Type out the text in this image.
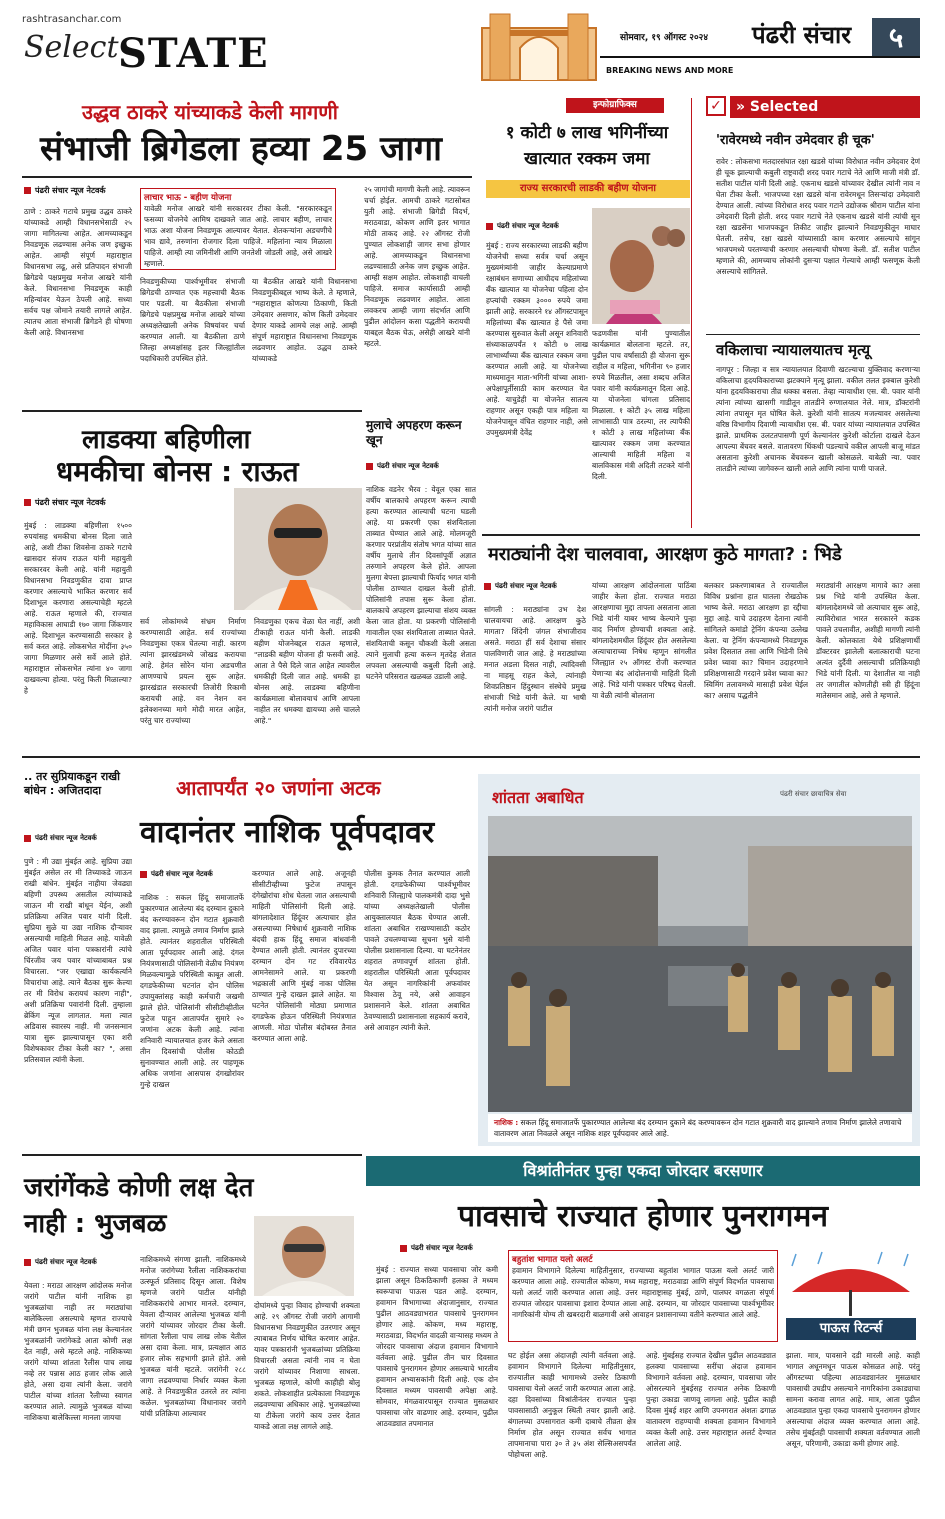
rashtrasanchar.com
Select STATE	सोमवार, १९ ऑगस्ट २०२४ पंढरी संचार	५
BREAKING NEWS AND MORE
उद्धव ठाकरे यांच्याकडे केली मागणी
संभाजी ब्रिगेडला हव्या 25 जागा
पंढरी संचार न्यूज नेटवर्क
ठाणे : ठाकरे गटाचे प्रमुख उद्धव ठाकरे यांच्याकडे आम्ही विधानसभेसाठी २५ जागा मागितल्या आहेत. आमच्याकडून निवडणूक लढण्यास अनेक जण इच्छुक आहेत. आम्ही संपूर्ण महाराष्ट्रात विधानसभा लढू, असे प्रतिपादन संभाजी ब्रिगेडचे पक्षप्रमुख मनोज आखरे यांनी केले. विधानसभा निवडणूक काही महिन्यांवर येऊन ठेपली आहे. सध्या सर्वच पक्ष जोमाने तयारी लागले आहेत. त्यातच आता संभाजी ब्रिगेडने ही घोषणा केली आहे. विधानसभा
लाचार भाऊ - बहीण योजना
यावेळी मनोज आखरे यांनी सरकारवर टीका केली. "सरकारकडून फसव्या योजनेचे आमिष दाखवले जात आहे. लाचार बहीण, लाचार भाऊ अशा योजना निवडणूक आल्यावर येतात. शेतकऱ्यांना अडचणीचे भाव द्यावे, तरुणांना रोजगार दिला पाहिजे. महिलांना न्याय मिळाला पाहिजे. आम्ही त्या जमिनीशी आणि जनतेशी जोडली आहे, असे आखरे म्हणाले.
निवडणुकीच्या पार्श्वभूमीवर संभाजी ब्रिगेडची ठाण्यात एक महत्त्वाची बैठक पार पडली. या बैठकीला संभाजी ब्रिगेडचे पक्षप्रमुख मनोज आखरे यांच्या अध्यक्षतेखाली अनेक विषयांवर चर्चा करण्यात आली. या बैठकीला ठाणे जिल्हा अध्यक्षांसह इतर जिल्ह्यांतील पदाधिकारी उपस्थित होते.
या बैठकीत आखरे यांनी विधानसभा निवडणुकीबद्दल भाष्य केले. ते म्हणाले, "महाराष्ट्रात कोणत्या ठिकाणी, किती उमेदवार असणार, कोण किती उमेदवार देणार याकडे आमचे लक्ष आहे. आम्ही संपूर्ण महाराष्ट्रात विधानसभा निवडणूक लढवणार आहोत. उद्धव ठाकरे यांच्याकडे
२५ जागांची मागणी केली आहे. त्यावरून चर्चा होईल. आमची ठाकरे गटासोबत युती आहे. संभाजी ब्रिगेडी विदर्भ, मराठवाडा, कोकण आणि इतर भागात मोठी ताकद आहे. २२ ऑगस्ट रोजी पुण्यात लोकशाही जागर सभा होणार आहे. आमच्याकडून विधानसभा लढण्यासाठी अनेक जण इच्छुक आहेत. आम्ही सक्षम आहोत. लोकशाही वाचली पाहिजे. समाज कार्यासाठी आम्ही निवडणूक लढवणार आहोत. आता लवकरच आम्ही जागा संदर्भात आणि पुढील आंदोलन कसा पद्धतीने करायची याबद्दल बैठक घेऊ, असेही आखरे यांनी म्हटले.
लाडक्या बहिणीला
धमकीचा बोनस : राऊत
पंढरी संचार न्यूज नेटवर्क
मुंबई : लाडक्या बहिणीला १५०० रुपयांसह धमकीचा बोनस दिला जाते आहे, अशी टीका शिवसेना ठाकरे गटाचे खासदार संजय राऊत यांनी महायुती सरकारवर केली आहे. यांनी महायुती विधानसभा निवडणुकीत दावा प्राप्त करणार असल्याचे भाकित करणार सर्वं दिशाभूल करणारा असल्याचेही म्हटले आहे. राऊत म्हणाले की, राज्यात महाविकास आघाडी १७० जागा जिंकणार आहे. दिशाभूल करण्यासाठी सरकार हे सर्व करत आहे. लोकसभेत मोदींना ३५० जागा मिळणार असे सर्वे आले होते. महाराष्ट्रात लोकसभेत त्यांना ४० जागा दाखवल्या होत्या. परंतु किती मिळाल्या? हे
सर्व लोकांमध्ये संभ्रम निर्माण करण्यासाठी आहेत. सर्व राज्यांच्या निवडणुका एकत्र घेतल्या नाही. कारण त्यांना झारखंडमध्ये जोखड करायचा आहे. हेमंत सोरेन यांना अडचणीत आणण्याचे प्रयत्न सुरू आहेत. झारखंडात सरकारची तिजोरी रिकामी करायची आहे. वन नेशन वन इलेक्शनच्या मागे मोदी मारत आहेत, परंतु चार राज्यांच्या
निवडणुका एकच वेळा घेत नाहीं, अशी टीकाही राऊत यांनी केली. लाडकी बहीण योजनेबद्दल राऊत म्हणाले, "लाडकी बहीण योजना ही फसवी आहे. आता ते पैसे दिले जात आहेत त्यावरील धमकीही दिली जात आहे. धमकी हा बोनस आहे. लाडक्या बहिणीना कार्यक्रमाला बोलावयाचं आणि आपला नाहीत तर धमक्या द्यायच्या असे चालले आहे."
मुलाचे अपहरण करून खून
पंढरी संचार न्यूज नेटवर्क
नाशिक वडनेर भैरव : येवूल एका सात वर्षीय बालकाचे अपहरण करून त्याची हत्या करण्यात आल्याची घटना घडली आहे. या प्रकरणी एका संशयिताला ताब्यात घेण्यात आले आहे. मोलमजूरी करणार परप्रांतीय संतोष भगत यांच्या सात वर्षीय मुलाचे तीन दिवसांपूर्वी अज्ञात तरुणाने अपहरण केले होते. आपला मुलगा बेपत्ता झाल्याची फिर्याद भगत यांनी पोलीस ठाण्यात दाखल केली होती. पोलिसांनी तपास सुरू केला होता. बालकाचे अपहरण झाल्याचा संशय व्यक्त केला जात होता. या प्रकरणी पोलिसांनी गावातील एका संशयिताला ताब्यात घेतले. संशयिताची कसून चौकशी केली असता त्याने मुलाची हत्या करून मृतदेह शेतात लपवला असल्याची कबुली दिली आहे. घटनेने परिसरात खळबळ उडाली आहे.
इन्फोग्राफिक्स
१ कोटी ७ लाख भगिनींच्या
खात्यात रक्कम जमा
राज्य सरकारची लाडकी बहीण योजना
पंढरी संचार न्यूज नेटवर्क
मुंबई : राज्य सरकारच्या लाडकी बहीण योजनेची सध्या सर्वत्र चर्चा असून मुख्यमंत्र्यांनी जाहीर केल्याप्रमाणे रक्षाबंधन सणाच्या आधीदच महिलांच्या बँक खात्यात या योजनेचा पहिला दोन हप्त्यांची रक्कम ३००० रुपये जमा झाली आहे. सरकारने १४ ऑगस्टपासून महिलांच्या बँक खात्यात हे पैसे जमा करण्यास सुरुवात केली असून शनिवारी संध्याकाळपर्यंत १ कोटी ७ लाख लाभार्थ्यांच्या बँक खात्यात रक्कम जमा करण्यात आली आहे. या योजनेच्या माध्यमातून माता-भगिनी यांच्या आशा-अपेक्षापूर्तीसाठी काम करण्यात येत आहे. याचुडेही या योजनेत सातत्य राहणार असून एकही पात्र महिला या योजनेपासून वंचित राहणार नाही, असे उपमुख्यमंत्री देवेंद्र
फडणवीस यांनी पुण्यातील कार्यक्रमात बोलताना म्हटले. तर, पुढील पाच वर्षांसाठी ही योजना सुरू राहील व महिला, भगिनीना ९० हजार रुपये मिळतील, असा शब्दच अजित पवार यांनी कार्यक्रमातून दिला आहे. या योजनेला चांगला प्रतिसाद मिळाला. १ कोटी ३५ लाख महिला लाभासाठी पात्र ठरल्या, तर त्यापैकी १ कोटी ३ लाख महिलांच्या बँक खात्यावर रक्कम जमा करण्यात आल्याची माहिती महिला व बालविकास मंत्री अदिती तटकरे यांनी दिली.
✓	» Selected
'रावेरमध्ये नवीन उमेदवार ही चूक'
रावेर : लोकसभा मतदारसंघात रक्षा खडसे यांच्या विरोधात नवीन उमेदवार देणं ही चूक झाल्याची कबुली राष्ट्रवादी शरद पवार गटाचे नेते आणि माजी मंत्री डॉ. सतीश पाटील यांनी दिली आहे. एकनाथ खडसे यांच्यावर देखील त्यांनी नाव न घेता टीका केली. भाजपच्या रक्षा खडसे यांना रावेरमधून तिसऱ्यांदा उमेदवारी देण्यात आली. त्यांच्या विरोधात शरद पवार गटाने उद्योजक श्रीराम पाटील यांना उमेदवारी दिली होती. शरद पवार गटाचे नेते एकनाथ खडसे यांनी त्यांची सून रक्षा खडसेंना भाजपकडून तिकीट जाहीर झाल्याने निवडणुकीतून माघार घेतली. तसेच, रक्षा खडसे यांच्यासाठी काम करणार असल्याचे सांगून भाजपमध्ये परतण्याची करणार असल्याची घोषणा केली. डॉ. सतीश पाटील म्हणाले की, आमच्याच लोकांनी दुसऱ्या पक्षात गेल्याचे आम्ही फसणूक केली असल्याचे सांगितले.
वकिलाचा न्यायालयातच मृत्यू
नागपूर : जिल्हा व सत्र न्यायालयात दिवाणी खटल्याचा युक्तिवाद करणाऱ्या वकिलाचा हृदयविकाराच्या झटक्याने मृत्यू झाला. वकील तलत इक्बाल कुरेशी यांना हृदयविकाराचा तीव्र धक्का बसला. तेव्हा न्यायाधीश एस. बी. पवार यांनी त्यांना त्यांच्या खासगी गाडीतून तातडीने रुग्णालयात नेले. मात्र, डॉक्टरांनी त्यांना तपासून मृत घोषित केले. कुरेशी यांनी सातत्य मजल्यावर असलेल्या वरिष्ठ विभागीय दिवाणी न्यायाधीश एस. बी. पवार यांच्या न्यायालयात उपस्थित झाले. प्राथमिक उलटतपासणी पूर्ण केल्यानंतर कुरेशी कोर्टाला दाखले देऊन आपल्या बेंचवर बसले. वातावरण थिंकथी पडल्याचे वकील आपली बाजू मांडत असताना कुरेशी अचानक बेंचवरून खाली कोसळले. याबेळी न्या. पवार तातडीने त्यांच्या जागेवरून खाली आले आणि त्यांना पाणी पाजले.
मराठ्यांनी देश चालवावा, आरक्षण कुठे मागता? : भिडे
पंढरी संचार न्यूज नेटवर्क
सांगली : मराठ्यांना उभ देश चालवायचा आहे. आरक्षण कुठे मागता? शिंदेनी जंगल संभाजीराव असते. मराठा हीं सर्व देशाचा संसार पालविणारी जात आहे. हे मराठ्यांच्या मनात अडला दिसत नाही, त्यांदिवसी ना माहसू राहत केले, त्यांनाही शिवप्रतिष्ठान हिंदुस्थान संस्थेचे प्रमुख संभाजी भिडे यांनी केले. या भाषी त्यांनी मनोज जरांगे पाटील
यांच्या आरक्षण आंदोलनाला पाठिंबा जाहीर केला होता. राज्यात मराठा आरक्षणाचा मुद्दा तापला असताना आता भिडे यांनी याबर भाष्य केल्याने पुन्हा वाद निर्माण होण्याची शक्यता आहे. बांगलादेशमधील हिंदूंवर होत असलेल्या अत्याचाराच्या निषेध म्हणून सांगलीत जिल्ह्यात २५ ऑगस्ट रोजी करण्यात येणाऱ्या बंद आंदोलनाची माहिती दिली आहे. भिडे यांनी पत्रकार परिषद घेतली. या वेळी त्यांनी बोलताना
बलकार प्रकरणाबाबत ते राज्यातील विविध प्रश्नांना हात घातला रोखठोक भाष्य केले. मराठा आरक्षण हा रद्दीचा मुद्दा आहे. याचे उदाहरण देताना त्यांनी सांगितले कमांडो ट्रेनिंग कंपन्या उत्लेख केला. या ट्रेनिंग कंपन्यामध्ये निवडणूक प्रवेश दिसतात तसा आणि भिडेनी तिथे प्रवेश घ्यावा का? चिमान उदाहरणाने प्रशिक्षणासाठी गरदाने प्रवेश घ्यावा का? स्विमिंग तलावमध्ये मासाही प्रवेश घेईल का? असाच पद्धतीने
मराठ्यांनी आरक्षण मागावे का? असा प्रश्न भिडे यांनी उपस्थित केला. बांगलादेशमध्ये जो अत्याचार सुरू आहे, त्याविरोधात भारत सरकारने कडक पावले उचलावीत, अशीही मागणी त्यांनी केली. कोलकाता येथे प्रशिक्षणार्थी डॉक्टरवर झालेली बलात्काराची घटना अत्यंत दुर्दैवी असल्याची प्रतिक्रियाही भिडे यांनी दिली. या देशातील या नाही तर जगातील कोणतीही स्त्री ही हिंदूंना मातेसमान आहे, असे ते म्हणाले.
.. तर सुप्रियाकडून राखी बांधेन : अजितदादा
पंढरी संचार न्यूज नेटवर्क
पुणे : मी उद्या मुंबईत आहे. सुप्रिया उद्या मुंबईत असेल तर मी तिच्याकडे जाऊन राखी बांधेन. मुंबईत नाहीया जेवढ्या बहिणी उपस्थ्य असतील त्यांच्याकडे जाऊन मी राखी बांधून येईन, अशी प्रतिक्रिया अजित पवार यांनी दिली. सुप्रिया सुळे या उद्या नाशिक दौऱ्यावर असल्याची माहिती मिळत आहे. यावेळी अजित पवार यांना पत्रकारांनी त्यांचे चिंरजीव जय पवार यांच्याबाबत प्रश्न विचारला. "जर एखाद्या कार्यकर्त्याने विचारांचा आहे. त्याने बैठका सुरू केल्या तर मी विरोध करायचं कारण नाही", अशी प्रतिक्रिया पवारांनी दिली. तुम्हाला ब्रेकिंग न्यूज लागतात. मला त्यात अडिवास स्वारस्य नाही. मी जनसन्मान यात्रा सुरू झाल्यापासून एका शरी विशेषकावर टीका केली का? ", असा प्रतिसवाल त्यांनी केला.
आतापर्यंत २० जणांना अटक
वादानंतर नाशिक पूर्वपदावर
पंढरी संचार न्यूज नेटवर्क
नाशिक : सकल हिंदू समाजातर्फे पुकारण्यात आलेल्या बंद दरम्यान दुकाने बंद करण्यावरून दोन गटात शुक्रवारी वाद झाला. त्यामुळे तणाव निर्माण झाले होते. त्यानंतर शहरातील परिस्थिती आता पूर्वपदावर आली आहे. दंगल नियंत्रणासाठी पोलिसांनी वेळीच नियंत्रण मिळवल्यामुळे परिस्थिती काबूत आली. दगडफेकीच्या घटनांत दोन पोलिस उपायुक्तांसह काही कर्मचारी जखमी झाले होते. पोलिसांनी सीसीटीव्हीतील फुटेज पाहून आतापर्यंत सुमारे २० जणांना अटक केली आहे. त्यांना शनिवारी न्यायालयात हजर केले असता तीन दिवसांची पोलीस कोठडी सुनावण्यात आली आहे. तर पाहणूक अधिक जणांना आसपास दंगखोरांवर गुन्हे दाखल
करण्यात आले आहे. अजूनही सीसीटीव्हीच्या फुटेज तपासून दंगेखोरांचा शोध घेतला जात असल्याची माहिती पोलिसांनी दिली आहे. बांगलादेशात हिंदूंवर अत्याचार होत असल्याच्या निषेधार्थ शुक्रवारी नाशिक बंदची हाक हिंदू समाज बांधवांनी देण्यात आली होती. त्यानंतर दुपारच्या दरम्यान दोन गट रविवारपेठ आमनेसामने आले. या प्रकरणी भद्रकाली आणि मुंबई नाका पोलिस ठाण्यात गुन्हे दाखल झाले आहेत. या घटनेत पोलिसांनी मोठ्या प्रमाणात दगडफेक होऊन परिस्थिती नियंत्रणात आणली. मोठा पोलीस बंदोबस्त तैनात करण्यात आला आहे.
पोलीस कुमक तैनात करण्यात आली होती. दगडफेकीच्या पार्श्वभूमीवर शनिवारी जिल्ह्याचे पालकमंत्री दादा भुसे यांच्या अध्यक्षतेखाली पोलीस आयुक्तालयात बैठक घेण्यात आली. शांतता अबाधित राखण्यासाठी कठोर पावले उचलण्याच्या सूचना भुसे यांनी पोलीस प्रशासनाला दिल्या. या घटनेनंतर शहरात तणावपूर्ण शांतता होती. शहरातील परिस्थिती आता पूर्वपदावर येत असून नागरिकांनी अफवांवर विश्वास ठेवू नये, असे आवाहन प्रशासनाने केले. शांतता अबाधित ठेवण्यासाठी प्रशासनाला सहकार्य करावे, असे आवाहन त्यांनी केले.
शांतता अबाधित	पंढरी संचार छायाचित्र सेवा
नाशिक : सकल हिंदू समाजातर्फे पुकारण्यात आलेल्या बंद दरम्यान दुकाने बंद करण्यावरून दोन गटात शुक्रवारी वाद झाल्याने तणाव निर्माण झालेले तणावाचे वातावरण आता निवळले असून नाशिक शहर पूर्वपदावर आले आहे.
जरांगेंकडे कोणी लक्ष देत
नाही : भुजबळ
पंढरी संचार न्यूज नेटवर्क
येवला : मराठा आरक्षण आंदोलक मनोज जरांगे पाटील यांनी नाशिक हा भुजबळांचा नाही तर मराठ्यांचा बालेकिल्ला असल्याचे म्हणत राज्याचे मंत्री छगन भुजबळ यांना लक्ष केल्यानंतर भुजबळांनी जरांगेकडे आता कोणी लक्ष देत नाही, असे म्हटले आहे. नाशिकच्या जरांगे यांच्या शांतता रैलीस पाच लाख नव्हे तर पन्नास आठ हजार लोक आले होते, असा दावा त्यांनी केला. जरांगे पाटील यांच्या शांतता रैलीच्या स्वागत करण्यात आले. त्यामुळे भुजबळ यांच्या नाशिकचा बालेकिल्ला मानला जायचा
नाशिकमध्ये संगणा झाली. नाशिकमध्ये मनोज जरांगेच्या रैलीला नाशिककरांचा उत्स्फूर्त प्रतिसाद दिसून आला. विशेष म्हणजे जरांगे पाटील यांनीही नाशिककरांचे आभार मानले. दरम्यान, येवला दौऱ्यावर आलेल्या भुजबळ यांनी जरांगे यांच्यावर जोरदार टीका केली. सांगता रैलीला पाच लाख लोक येतील असा दावा केला. मात्र, प्रत्यक्षात आठ हजार लोक सहभागी झाले होते. असे भुजबळ यांनी म्हटले. जरांगेनी २८८ जागा लढवण्याचा निर्धार व्यक्त केला आहे. ते निवडणुकीत उतरले तर त्यांना कळेल. भुजबळांच्या विधानावर जरांगे यांची प्रतिक्रिया आल्यावर
दोघांमध्ये पुन्हा विवाद होण्याची शक्यता आहे. २९ ऑगस्ट रोजी जरांगे आगामी विधानसभा निवडणुकीत उतरणार असून त्याबाबत निर्णय घोषित करणार आहेत. यावर पत्रकारांनी भुजबळांच्या प्रतिक्रिया विचारली असता त्यांनी नाव न घेता जरांगे यांच्यावर निशाणा साधला. भुजबळ म्हणाले, कोणी काहीही बोलू शकते. लोकशाहीत प्रत्येकाला निवडणूक लढवण्याचा अधिकार आहे. भुजबळांच्या या टीकेला जरांगे काय उत्तर देतात याकडे आता लक्ष लागले आहे.
विश्रांतीनंतर पुन्हा एकदा जोरदार बरसणार
पावसाचे राज्यात होणार पुनरागमन
पंढरी संचार न्यूज नेटवर्क
मुंबई : राज्यात सध्या पावसाचा जोर कमी झाला असून ठिकठिकाणी हलका ते मध्यम स्वरूपाचा पाऊस पडत आहे. दरम्यान, हवामान विभागाच्या अंदाजानुसार, राज्यात पुढील आठवड्याभरात पावसाचे पुनरागमन होणार आहे. कोकण, मध्य महाराष्ट्र, मराठवाडा, विदर्भात वादळी वाऱ्यासह मध्यम ते जोरदार पावसाचा अंदाज हवामान विभागाने वर्तवला आहे. पुढील तीन चार दिवसात पावसाचे पुनरागमन होणार असल्याचे भारतीय हवामान अभ्यासकांनी दिली आहे. एक दोन दिवसात मध्यम पावसाची अपेक्षा आहे. सोमवार, मंगळवारपासून राज्यात मुसळधार पावसाचा जोर वाढणार आहे. दरम्यान, पुढील आठवड्यात तपमानात
बहुतांश भागात यलो अलर्ट
हवामान विभागाने दिलेल्या माहितीनुसार, राज्याच्या बहुतांश भागात पाऊस यलो अलर्ट जारी करण्यात आला आहे. राज्यातील कोकण, मध्य महाराष्ट्र, मराठवाडा आणि संपूर्ण विदर्भात पावसाचा यलो अलर्ट जारी करण्यात आला आहे. उत्तर महाराष्ट्रासह मुंबई, ठाणे, पालघर वगळता संपूर्ण राज्यात जोरदार पावसाचा इशारा देण्यात आला आहे. दरम्यान, या जोरदार पावसाच्या पार्श्वभूमीवर नागरिकांनी योग्य ती खबरदारी बाळगावी असे आवाहन प्रशासनाच्या वतीने करण्यात आले आहे.
पाऊस रिटर्न्स
घट होईल असा अंदाजही त्यांनी वर्तवला आहे. हवामान विभागाने दिलेल्या माहितीनुसार, राज्यातील काही भागामध्ये उत्तरेर ठिकाणी पावसाचा येलो अलर्ट जारी करण्यात आला आहे. दहा दिवसांच्या विश्रांतीनंतर राज्यात पुन्हा पावसासाठी अनुकूल स्थिती तयार झाली आहे. बंगालच्या उपसागरात कमी दाबाचे तीव्रता क्षेत्र निर्माण होत असून राज्यात सर्वच भागात तापमानाचा पारा ३० ते ३५ अंश सेल्सिअसपर्यंत पोहोचला आहे.
आहे. मुंबईसह राज्यात देखील पुढील आठवड्यात हलक्या पावसाच्या सरींचा अंदाज हवामान विभागाने वर्तवला आहे. दरम्यान, पावसाचा जोर ओसरल्याने मुंबईसह राज्यात अनेक ठिकाणी पुन्हा उकाडा जाणवू लागला आहे. पुढील काही दिवस मुंबई शहर आणि उपनगरात अंशतः ढगाळ वातावरण राहण्याची शक्यता हवामान विभागाने व्यक्त केली आहे. उत्तर महाराष्ट्रात अलर्ट देण्यात आलेला आहे.
झाला. मात्र, पावसाने दडी मारली आहे. काही भागात अधूनमधून पाऊस कोसळत आहे. परंतु ऑगस्टच्या पहिल्या आठवड्यानंतर मुसळधार पावसाची उघडीप असल्याने नागरिकांना उकाड्याचा सामना करावा लागत आहे. मात्र, आता पुढील आठवड्यात पुन्हा एकदा पावसाचे पुनरागमन होणार असल्याचा अंदाज व्यक्त करण्यात आला आहे. तसेच मुंबईतही पावसाची शक्यता वर्तवण्यात आली असून, परिणामी, उकाडा कमी होणार आहे.
